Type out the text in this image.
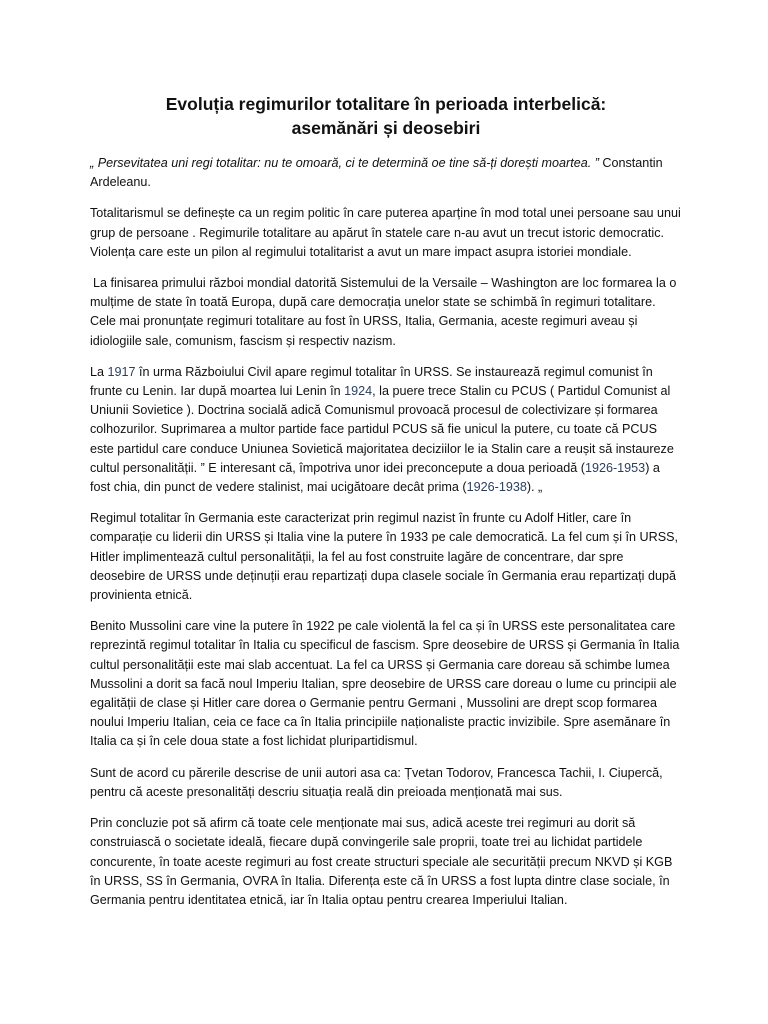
Evoluția regimurilor totalitare în perioada interbelică:
asemănări și deosebiri

„ Persevitatea uni regi totalitar: nu te omoară, ci te determină oe tine să-ți dorești moartea. ” Constantin Ardeleanu.

Totalitarismul se definește ca un regim politic în care puterea aparține în mod total unei persoane sau unui grup de persoane . Regimurile totalitare au apărut în statele care n-au avut un trecut istoric democratic. Violența care este un pilon al regimului totalitarist a avut un mare impact asupra istoriei mondiale.

La finisarea primului război mondial datorită Sistemului de la Versaile – Washington are loc formarea la o mulțime de state în toată Europa, după care democrația unelor state se schimbă în regimuri totalitare. Cele mai pronunțate regimuri totalitare au fost în URSS, Italia, Germania, aceste regimuri aveau și idiologiile sale, comunism, fascism și respectiv nazism.

La 1917 în urma Războiului Civil apare regimul totalitar în URSS. Se instaurează regimul comunist în frunte cu Lenin. Iar după moartea lui Lenin în 1924, la puere trece Stalin cu PCUS ( Partidul Comunist al Uniunii Sovietice ). Doctrina socială adică Comunismul provoacă procesul de colectivizare și formarea colhozurilor. Suprimarea a multor partide face partidul PCUS să fie unicul la putere, cu toate că PCUS este partidul care conduce Uniunea Sovietică majoritatea deciziilor le ia Stalin care a reușit să instaureze cultul personalității. ” E interesant că, împotriva unor idei preconcepute a doua perioadă (1926-1953) a fost chia, din punct de vedere stalinist, mai ucigătoare decât prima (1926-1938). „

Regimul totalitar în Germania este caracterizat prin regimul nazist în frunte cu Adolf Hitler, care în comparație cu liderii din URSS și Italia vine la putere în 1933 pe cale democratică. La fel cum și în URSS, Hitler implimentează cultul personalității, la fel au fost construite lagăre de concentrare, dar spre deosebire de URSS unde deținuții erau repartizați dupa clasele sociale în Germania erau repartizați după provinienta etnică.

Benito Mussolini care vine la putere în 1922 pe cale violentă la fel ca și în URSS este personalitatea care reprezintă regimul totalitar în Italia cu specificul de fascism. Spre deosebire de URSS și Germania în Italia cultul personalității este mai slab accentuat. La fel ca URSS și Germania care doreau să schimbe lumea Mussolini a dorit sa facă noul Imperiu Italian, spre deosebire de URSS care doreau o lume cu principii ale egalității de clase și Hitler care dorea o Germanie pentru Germani , Mussolini are drept scop formarea noului Imperiu Italian, ceia ce face ca în Italia principiile naționaliste practic invizibile. Spre asemănare în Italia ca și în cele doua state a fost lichidat pluripartidismul.

Sunt de acord cu părerile descrise de unii autori asa ca: Țvetan Todorov, Francesca Tachii, I. Ciupercă, pentru că aceste presonalități descriu situația reală din preioada menționată mai sus.

Prin concluzie pot să afirm că toate cele menționate mai sus, adică aceste trei regimuri au dorit să construiască o societate ideală, fiecare după convingerile sale proprii, toate trei au lichidat partidele concurente, în toate aceste regimuri au fost create structuri speciale ale securității precum NKVD și KGB în URSS, SS în Germania, OVRA în Italia. Diferența este că în URSS a fost lupta dintre clase sociale, în Germania pentru identitatea etnică, iar în Italia optau pentru crearea Imperiului Italian.
